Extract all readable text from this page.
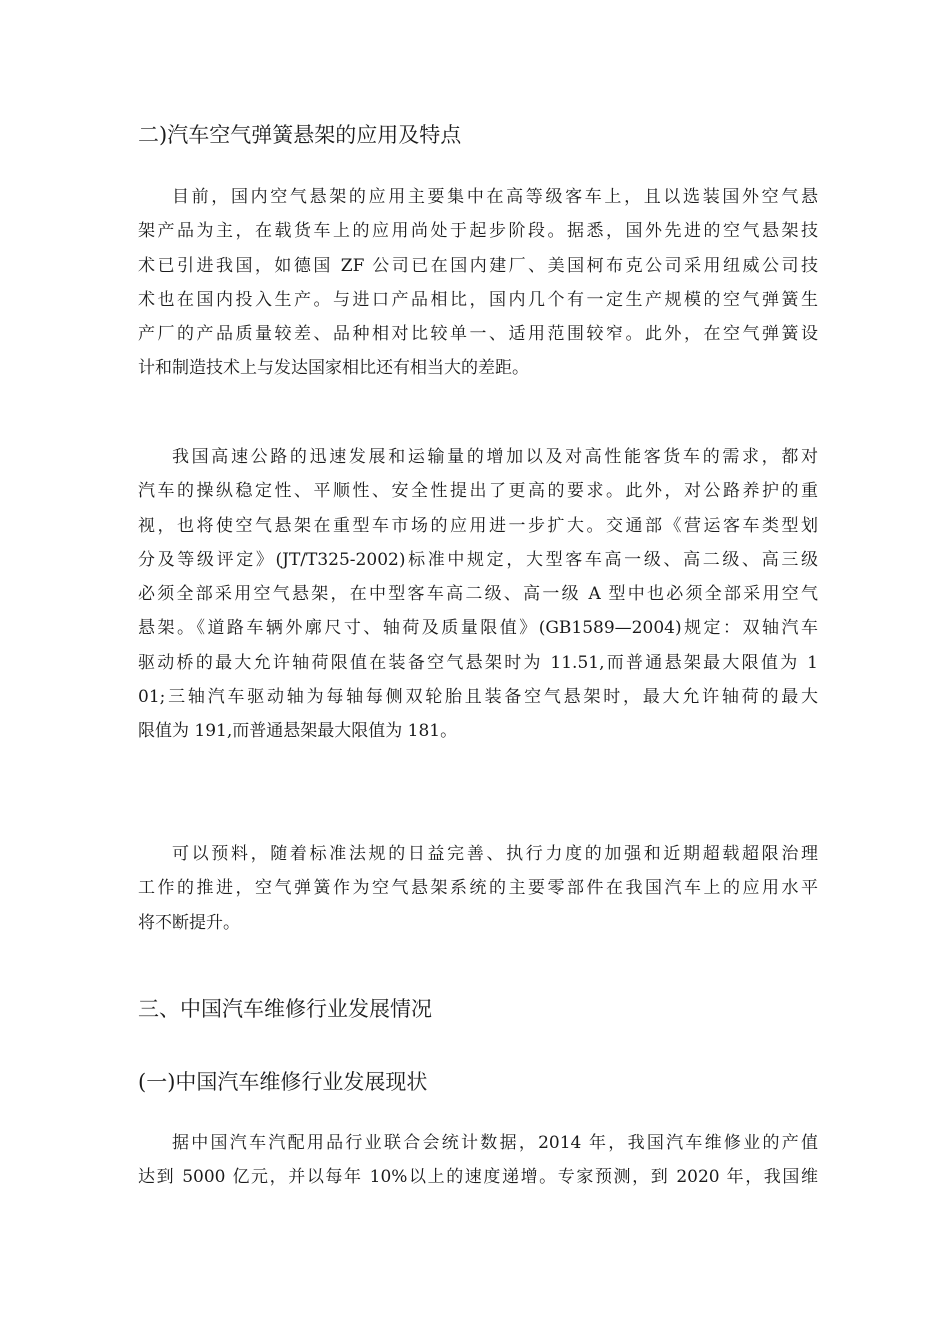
二)汽车空气弹簧悬架的应用及特点
目前，国内空气悬架的应用主要集中在高等级客车上，且以选装国外空气悬
架产品为主，在载货车上的应用尚处于起步阶段。据悉，国外先进的空气悬架技
术已引进我国，如德国 ZF 公司已在国内建厂、美国柯布克公司采用纽威公司技
术也在国内投入生产。与进口产品相比，国内几个有一定生产规模的空气弹簧生
产厂的产品质量较差、品种相对比较单一、适用范围较窄。此外，在空气弹簧设
计和制造技术上与发达国家相比还有相当大的差距。
我国高速公路的迅速发展和运输量的增加以及对高性能客货车的需求，都对
汽车的操纵稳定性、平顺性、安全性提出了更高的要求。此外，对公路养护的重
视，也将使空气悬架在重型车市场的应用进一步扩大。交通部《营运客车类型划
分及等级评定》(JT/T325-2002)标准中规定，大型客车高一级、高二级、高三级
必须全部采用空气悬架，在中型客车高二级、高一级 A 型中也必须全部采用空气
悬架。《道路车辆外廓尺寸、轴荷及质量限值》(GB1589—2004)规定：双轴汽车
驱动桥的最大允许轴荷限值在装备空气悬架时为 11.51,而普通悬架最大限值为 1
01;三轴汽车驱动轴为每轴每侧双轮胎且装备空气悬架时，最大允许轴荷的最大
限值为 191,而普通悬架最大限值为 181。
可以预料，随着标准法规的日益完善、执行力度的加强和近期超载超限治理
工作的推进，空气弹簧作为空气悬架系统的主要零部件在我国汽车上的应用水平
将不断提升。
三、中国汽车维修行业发展情况
(一)中国汽车维修行业发展现状
据中国汽车汽配用品行业联合会统计数据，2014 年，我国汽车维修业的产值
达到 5000 亿元，并以每年 10%以上的速度递增。专家预测，到 2020 年，我国维
